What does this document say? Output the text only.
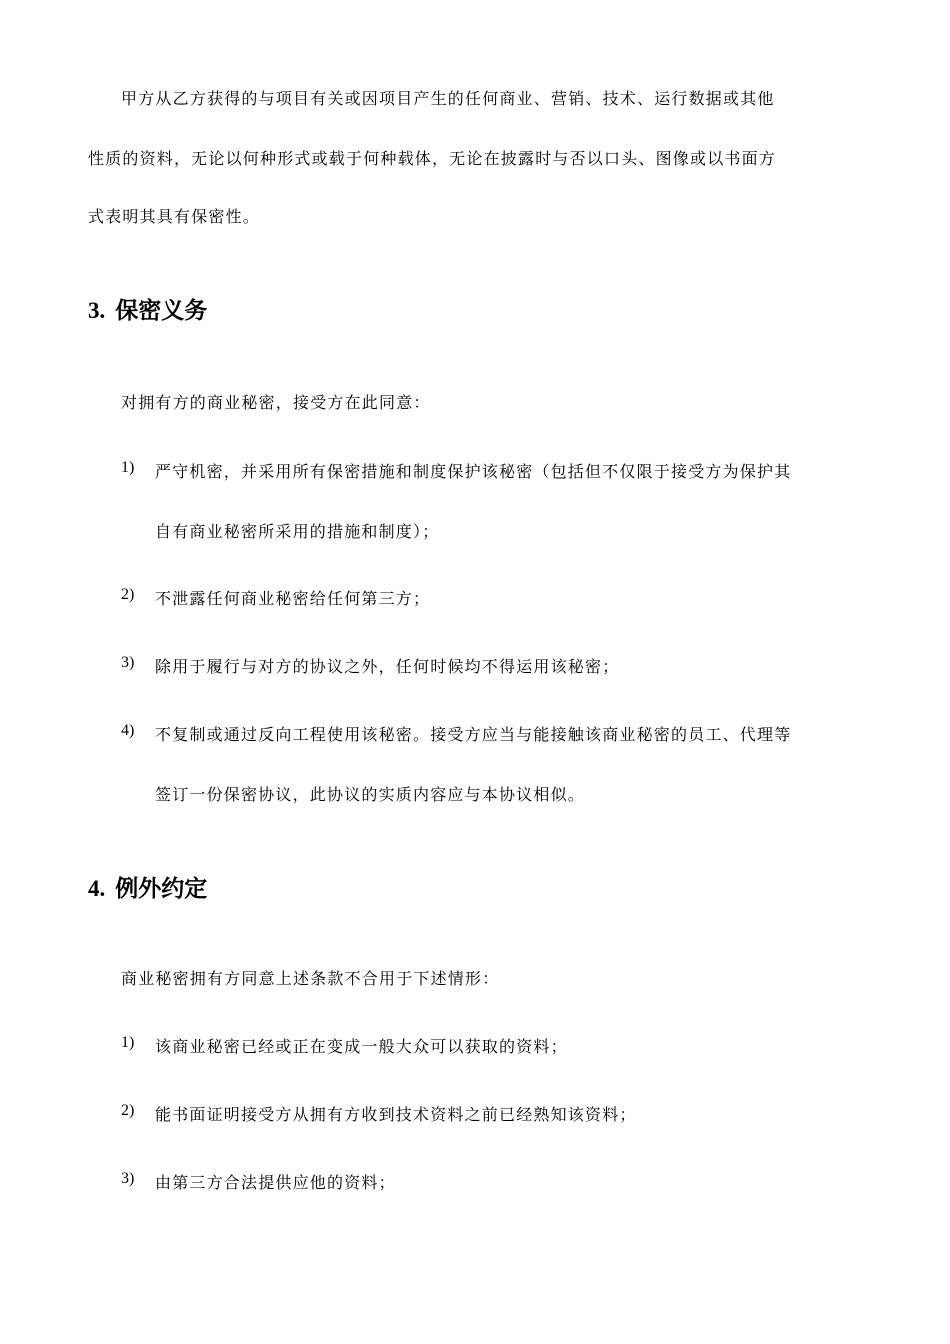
甲方从乙方获得的与项目有关或因项目产生的任何商业、营销、技术、运行数据或其他
性质的资料，无论以何种形式或载于何种载体，无论在披露时与否以口头、图像或以书面方
式表明其具有保密性。
3. 保密义务
对拥有方的商业秘密，接受方在此同意：
1) 严守机密，并采用所有保密措施和制度保护该秘密（包括但不仅限于接受方为保护其
自有商业秘密所采用的措施和制度）；
2) 不泄露任何商业秘密给任何第三方；
3) 除用于履行与对方的协议之外，任何时候均不得运用该秘密；
4) 不复制或通过反向工程使用该秘密。接受方应当与能接触该商业秘密的员工、代理等
签订一份保密协议，此协议的实质内容应与本协议相似。
4. 例外约定
商业秘密拥有方同意上述条款不合用于下述情形：
1) 该商业秘密已经或正在变成一般大众可以获取的资料；
2) 能书面证明接受方从拥有方收到技术资料之前已经熟知该资料；
3) 由第三方合法提供应他的资料；
